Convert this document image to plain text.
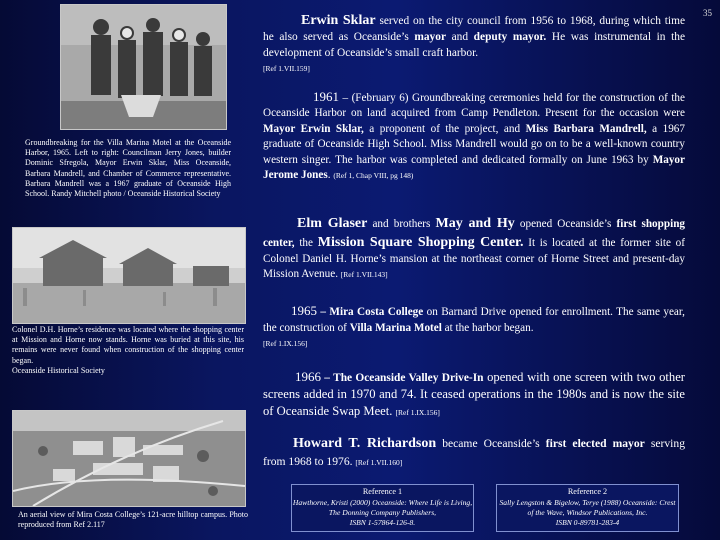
35
Groundbreaking for the Villa Marina Motel at the Oceanside Harbor, 1965. Left to right: Councilman Jerry Jones, builder Dominic Sfregola, Mayor Erwin Sklar, Miss Oceanside, Barbara Mandrell, and Chamber of Commerce representative. Barbara Mandrell was a 1967 graduate of Oceanside High School. Randy Mitchell photo / Oceanside Historical Society
Colonel D.H. Horne’s residence was located where the shopping center at Mission and Horne now stands. Horne was buried at this site, his remains were never found when construction of the shopping center began.
Oceanside Historical Society
An aerial view of Mira Costa College’s 121-acre hilltop campus. Photo reproduced from Ref 2.117
Erwin Sklar served on the city council from 1956 to 1968, during which time he also served as Oceanside’s mayor and deputy mayor. He was instrumental in the development of Oceanside’s small craft harbor.
[Ref 1.VII.159]
1961 – (February 6) Groundbreaking ceremonies held for the construction of the Oceanside Harbor on land acquired from Camp Pendleton. Present for the occasion were Mayor Erwin Sklar, a proponent of the project, and Miss Barbara Mandrell, a 1967 graduate of Oceanside High School. Miss Mandrell would go on to be a well-known country western singer. The harbor was completed and dedicated formally on June 1963 by Mayor Jerome Jones. (Ref 1, Chap VIII, pg 148)
Elm Glaser and brothers May and Hy opened Oceanside’s first shopping center, the Mission Square Shopping Center. It is located at the former site of Colonel Daniel H. Horne’s mansion at the northeast corner of Horne Street and present-day Mission Avenue. [Ref 1.VII.143]
1965 – Mira Costa College on Barnard Drive opened for enrollment. The same year, the construction of Villa Marina Motel at the harbor began.
[Ref 1.IX.156]
1966 – The Oceanside Valley Drive-In opened with one screen with two other screens added in 1970 and 74. It ceased operations in the 1980s and is now the site of Oceanside Swap Meet. [Ref 1.IX.156]
Howard T. Richardson became Oceanside’s first elected mayor serving from 1968 to 1976. [Ref 1.VII.160]
Reference 1
Hawthorne, Kristi (2000) Oceanside: Where Life is Living, The Donning Company Publishers,
ISBN 1-57864-126-8.
Reference 2
Sally Lengston & Bigelow, Terye (1988) Oceanside: Crest of the Wave, Windsor Publications, Inc.
ISBN 0-89781-283-4
